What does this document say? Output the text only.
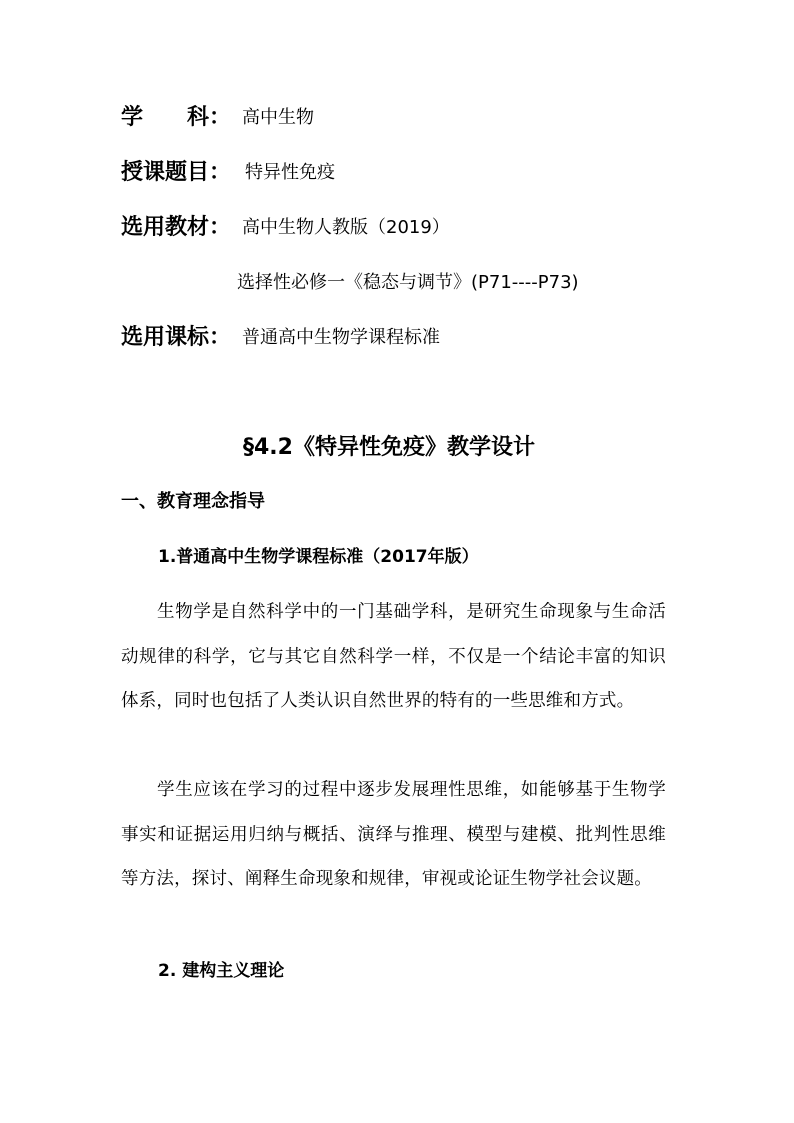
学　　科： 高中生物
授课题目： 特异性免疫
选用教材： 高中生物人教版（2019）
选择性必修一《稳态与调节》(P71----P73)
选用课标： 普通高中生物学课程标准
§4.2《特异性免疫》教学设计
一、教育理念指导
1.普通高中生物学课程标准（2017年版）
生物学是自然科学中的一门基础学科，是研究生命现象与生命活动规律的科学，它与其它自然科学一样，不仅是一个结论丰富的知识体系，同时也包括了人类认识自然世界的特有的一些思维和方式。
学生应该在学习的过程中逐步发展理性思维，如能够基于生物学事实和证据运用归纳与概括、演绎与推理、模型与建模、批判性思维等方法，探讨、阐释生命现象和规律，审视或论证生物学社会议题。
2. 建构主义理论
